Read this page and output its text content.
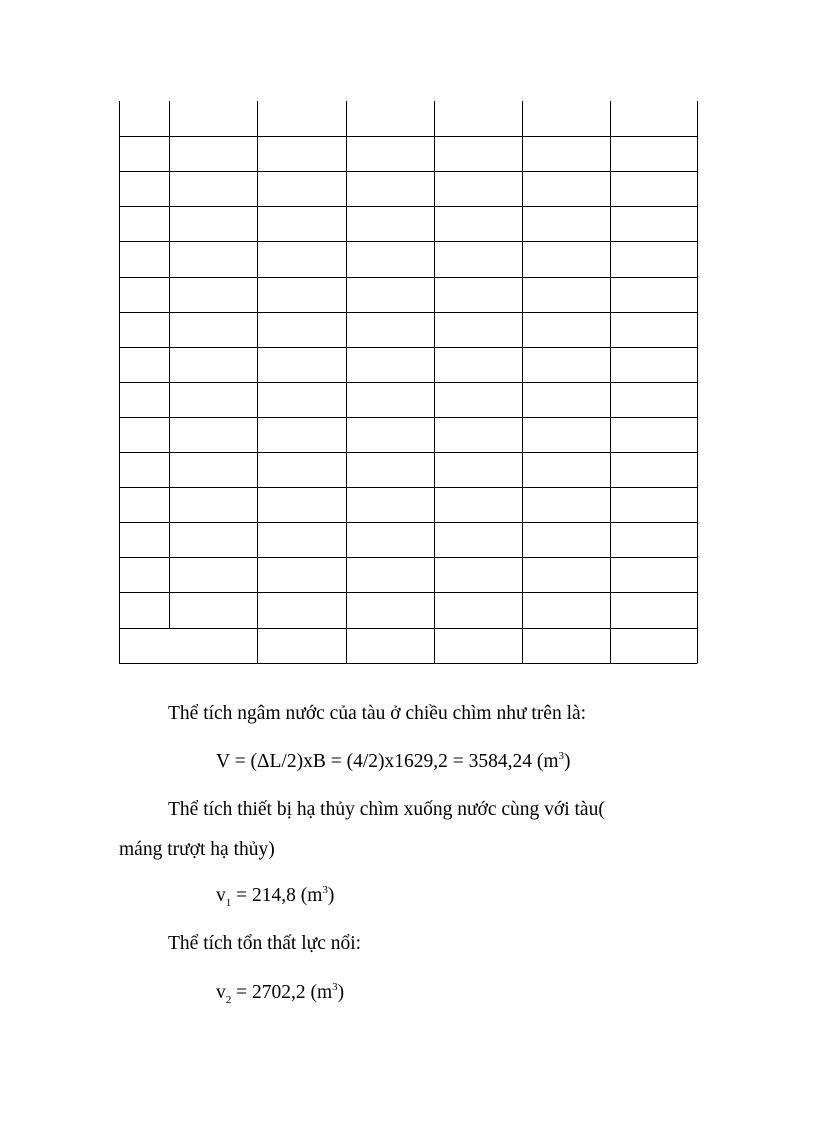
Thể tích ngâm nước của tàu ở chiều chìm như trên là:
V = (ΔL/2)xB = (4/2)x1629,2 = 3584,24 $(m^3)$
Thể tích thiết bị hạ thủy chìm xuống nước cùng với tàu(
máng trượt hạ thủy)
$v_1 = 214,8$ $(m^3)$
Thể tích tổn thất lực nổi:
$v_2 = 2702,2$ $(m^3)$
